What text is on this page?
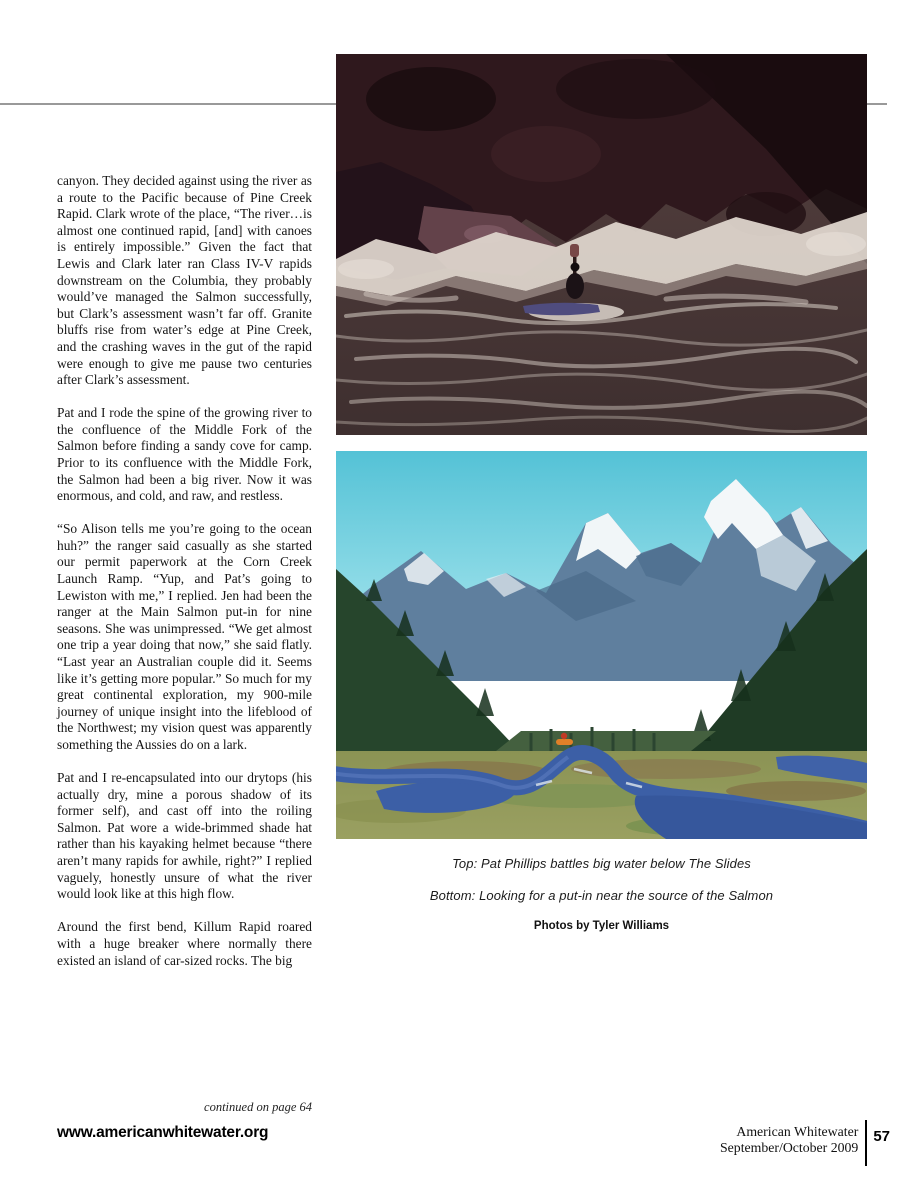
canyon. They decided against using the river as a route to the Pacific because of Pine Creek Rapid. Clark wrote of the place, “The river…is almost one continued rapid, [and] with canoes is entirely impossible.” Given the fact that Lewis and Clark later ran Class IV-V rapids downstream on the Columbia, they probably would’ve managed the Salmon successfully, but Clark’s assessment wasn’t far off. Granite bluffs rise from water’s edge at Pine Creek, and the crashing waves in the gut of the rapid were enough to give me pause two centuries after Clark’s assessment.

Pat and I rode the spine of the growing river to the confluence of the Middle Fork of the Salmon before finding a sandy cove for camp. Prior to its confluence with the Middle Fork, the Salmon had been a big river. Now it was enormous, and cold, and raw, and restless.

“So Alison tells me you’re going to the ocean huh?” the ranger said casually as she started our permit paperwork at the Corn Creek Launch Ramp. “Yup, and Pat’s going to Lewiston with me,” I replied. Jen had been the ranger at the Main Salmon put-in for nine seasons. She was unimpressed. “We get almost one trip a year doing that now,” she said flatly. “Last year an Australian couple did it. Seems like it’s getting more popular.” So much for my great continental exploration, my 900-mile journey of unique insight into the lifeblood of the Northwest; my vision quest was apparently something the Aussies do on a lark.

Pat and I re-encapsulated into our drytops (his actually dry, mine a porous shadow of its former self), and cast off into the roiling Salmon. Pat wore a wide-brimmed shade hat rather than his kayaking helmet because “there aren’t many rapids for awhile, right?” I replied vaguely, honestly unsure of what the river would look like at this high flow.

Around the first bend, Killum Rapid roared with a huge breaker where normally there existed an island of car-sized rocks. The big

Top: Pat Phillips battles big water below The Slides
Bottom: Looking for a put-in near the source of the Salmon
Photos by Tyler Williams
continued on page 64
www.americanwhitewater.org	American Whitewater
September/October 2009
57
